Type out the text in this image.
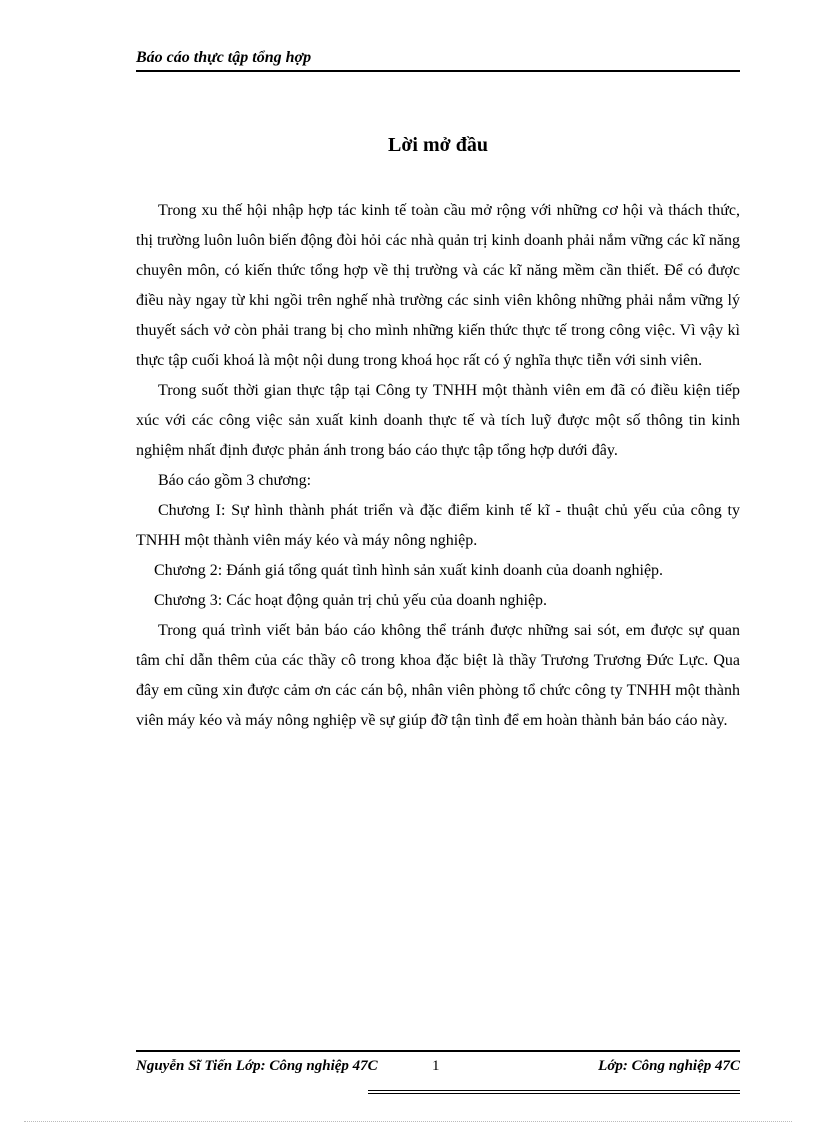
Báo cáo thực tập tổng hợp

Lời mở đầu

Trong xu thế hội nhập hợp tác kinh tế toàn cầu mở rộng với những cơ hội và thách thức, thị trường luôn luôn biến động đòi hỏi các nhà quản trị kinh doanh phải nắm vững các kĩ năng chuyên môn, có kiến thức tổng hợp về thị trường và các kĩ năng mềm cần thiết. Để có được điều này ngay từ khi ngồi trên nghế nhà trường các sinh viên không những phải nắm vững lý thuyết sách vở còn phải trang bị cho mình những kiến thức thực tế trong công việc. Vì vậy kì thực tập cuối khoá là một nội dung trong khoá học rất có ý nghĩa thực tiễn với sinh viên.

Trong suốt thời gian thực tập tại Công ty TNHH một thành viên em đã có điều kiện tiếp xúc với các công việc sản xuất kinh doanh thực tế và tích luỹ được một số thông tin kinh nghiệm nhất định được phản ánh trong báo cáo thực tập tổng hợp dưới đây.

Báo cáo gồm 3 chương:

Chương I: Sự hình thành phát triển và đặc điểm kinh tế kĩ - thuật chủ yếu của công ty TNHH một thành viên máy kéo và máy nông nghiệp.

Chương 2: Đánh giá tổng quát tình hình sản xuất kinh doanh của doanh nghiệp.

Chương 3: Các hoạt động quản trị chủ yếu của doanh nghiệp.

Trong quá trình viết bản báo cáo không thể tránh được những sai sót, em được sự quan tâm chỉ dẫn thêm của các thầy cô trong khoa đặc biệt là thầy Trương Trương Đức Lực. Qua đây em cũng xin được cảm ơn các cán bộ, nhân viên phòng tổ chức công ty TNHH một thành viên máy kéo và máy nông nghiệp về sự giúp đỡ tận tình để em hoàn thành bản báo cáo này.

Nguyễn Sĩ Tiến Lớp: Công nghiệp 47C	1	Lớp: Công nghiệp 47C
